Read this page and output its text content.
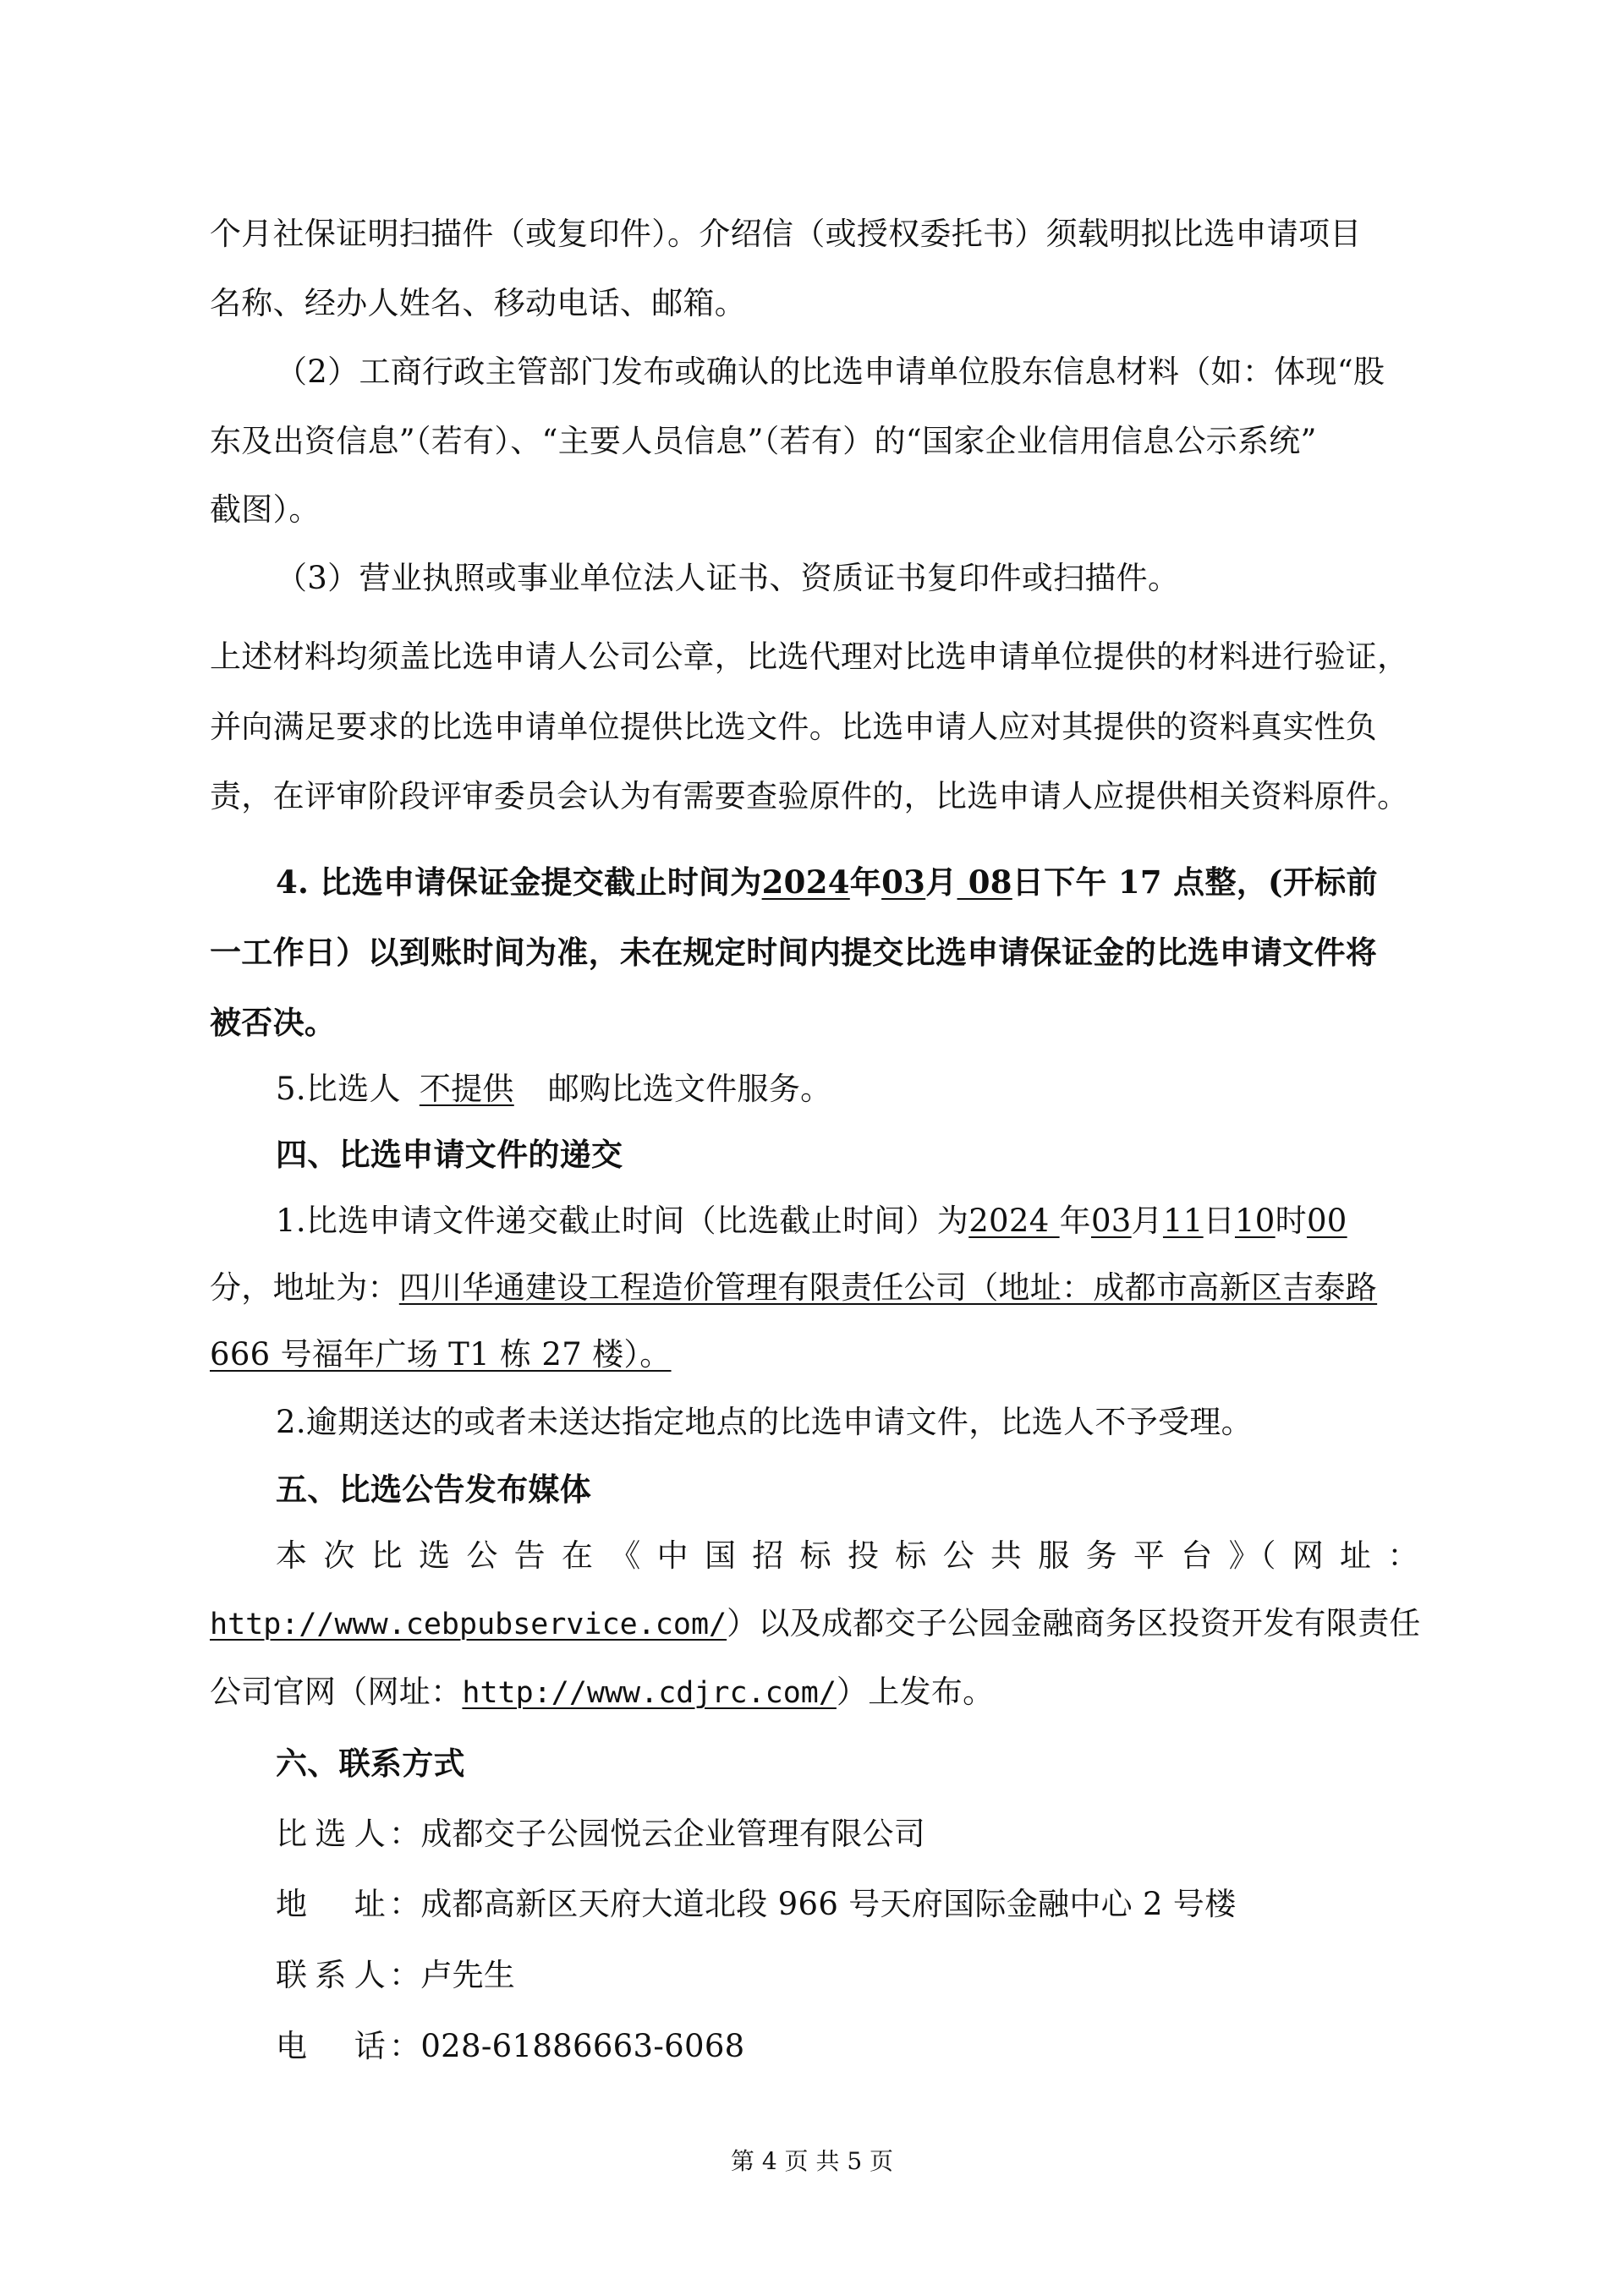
个月社保证明扫描件（或复印件）。介绍信（或授权委托书）须载明拟比选申请项目
名称、经办人姓名、移动电话、邮箱。
（2）工商行政主管部门发布或确认的比选申请单位股东信息材料（如：体现“股
东及出资信息”（若有）、“主要人员信息”（若有）的“国家企业信用信息公示系统”
截图）。
（3）营业执照或事业单位法人证书、资质证书复印件或扫描件。
上述材料均须盖比选申请人公司公章，比选代理对比选申请单位提供的材料进行验证，
并向满足要求的比选申请单位提供比选文件。比选申请人应对其提供的资料真实性负
责，在评审阶段评审委员会认为有需要查验原件的，比选申请人应提供相关资料原件。
4. 比选申请保证金提交截止时间为2024年03月 08日下午 17 点整，(开标前
一工作日）以到账时间为准，未在规定时间内提交比选申请保证金的比选申请文件将
被否决。
5.比选人 不提供 邮购比选文件服务。
四、比选申请文件的递交
1.比选申请文件递交截止时间（比选截止时间）为2024 年03月11日10时00
分，地址为：四川华通建设工程造价管理有限责任公司（地址：成都市高新区吉泰路
666 号福年广场 T1 栋 27 楼）。
2.逾期送达的或者未送达指定地点的比选申请文件，比选人不予受理。
五、比选公告发布媒体
本 次 比 选 公 告 在 《 中 国 招 标 投 标 公 共 服 务 平 台 》（ 网 址 ：
http://www.cebpubservice.com/）以及成都交子公园金融商务区投资开发有限责任
公司官网（网址：http://www.cdjrc.com/）上发布。
六、联系方式
比 选 人 ：成都交子公园悦云企业管理有限公司
地 址 ：成都高新区天府大道北段 966 号天府国际金融中心 2 号楼
联 系 人 ：卢先生
电 话 ：028-61886663-6068
第 4 页 共 5 页
